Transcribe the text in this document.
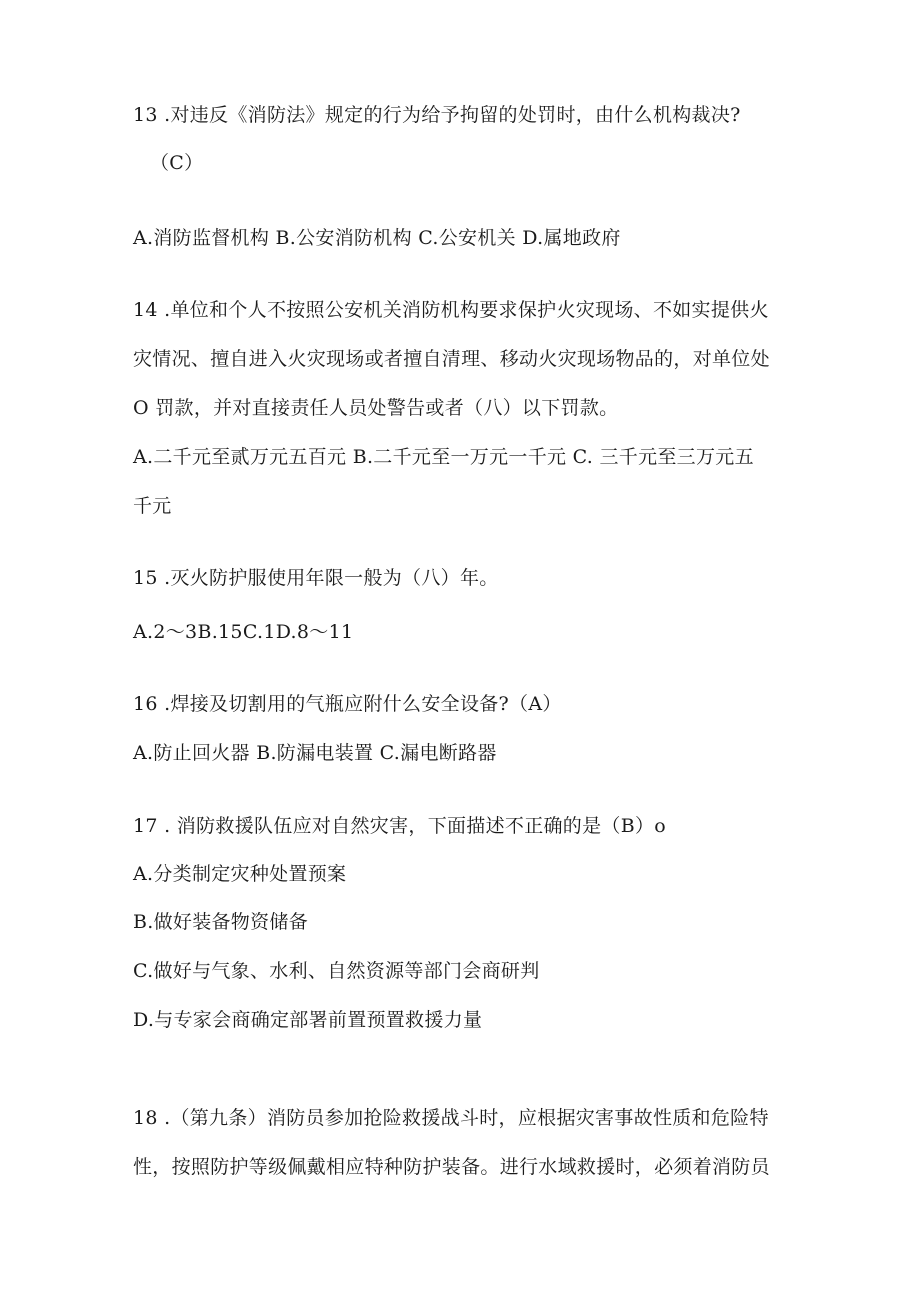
13 .对违反《消防法》规定的行为给予拘留的处罚时，由什么机构裁决?
（C）
A.消防监督机构 B.公安消防机构 C.公安机关 D.属地政府
14 .单位和个人不按照公安机关消防机构要求保护火灾现场、不如实提供火
灾情况、擅自进入火灾现场或者擅自清理、移动火灾现场物品的，对单位处
O 罚款，并对直接责任人员处警告或者（八）以下罚款。
A.二千元至贰万元五百元 B.二千元至一万元一千元 C. 三千元至三万元五
千元
15 .灭火防护服使用年限一般为（八）年。
A.2～3B.15C.1D.8～11
16 .焊接及切割用的气瓶应附什么安全设备?（A）
A.防止回火器 B.防漏电装置 C.漏电断路器
17 . 消防救援队伍应对自然灾害，下面描述不正确的是（B）o
A.分类制定灾种处置预案
B.做好装备物资储备
C.做好与气象、水利、自然资源等部门会商研判
D.与专家会商确定部署前置预置救援力量
18 .（第九条）消防员参加抢险救援战斗时，应根据灾害事故性质和危险特
性，按照防护等级佩戴相应特种防护装备。进行水域救援时，必须着消防员
